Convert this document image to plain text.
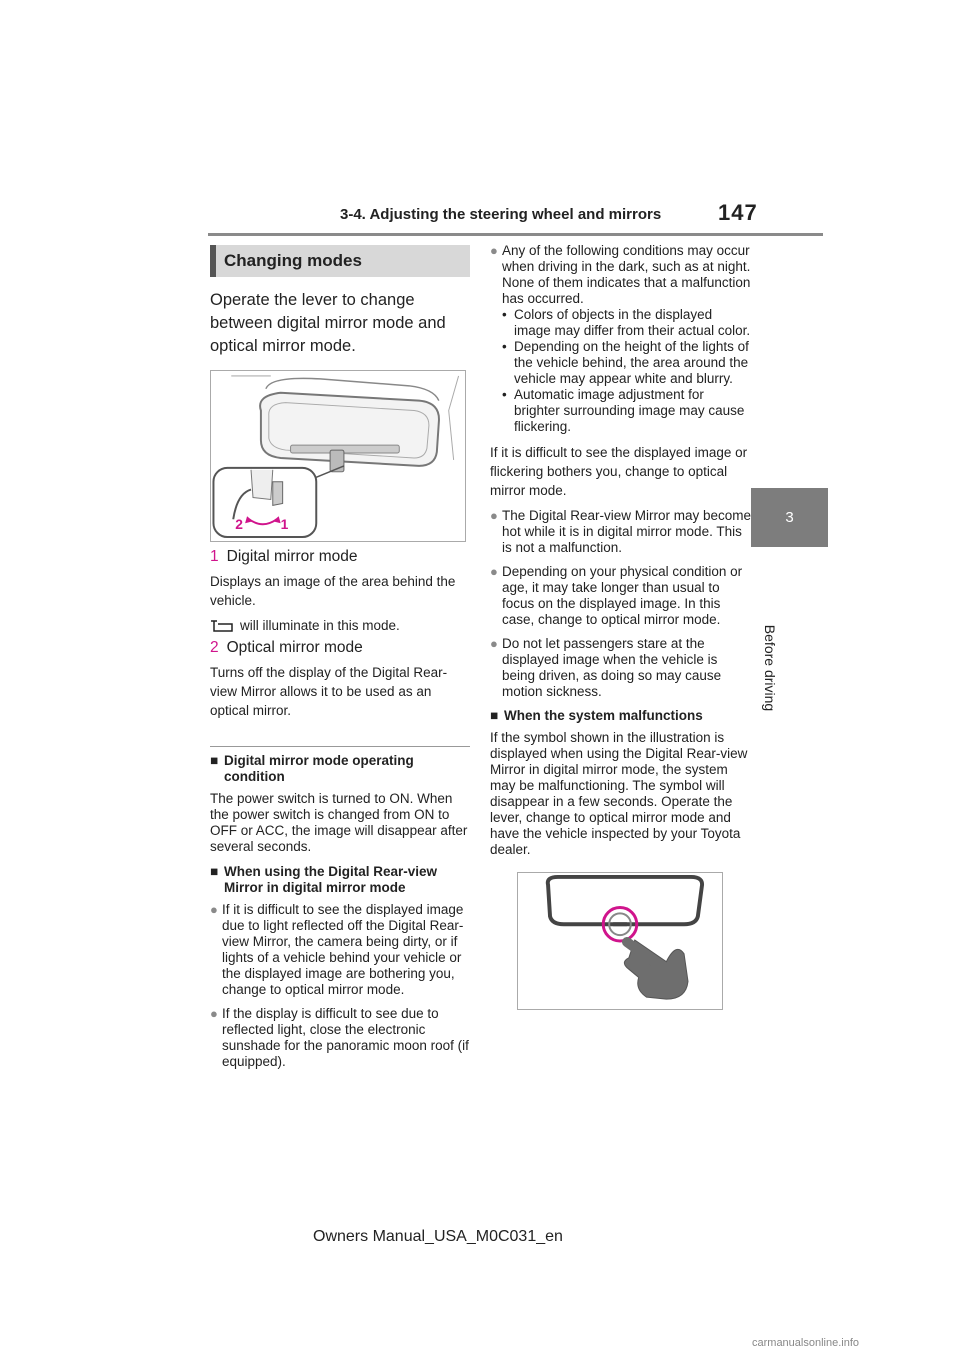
3-4. Adjusting the steering wheel and mirrors	147
3
Before driving
Changing modes

Operate the lever to change between digital mirror mode and optical mirror mode.

2	1
1 Digital mirror mode

Displays an image of the area behind the vehicle.

will illuminate in this mode.
2 Optical mirror mode

Turns off the display of the Digital Rear-view Mirror allows it to be used as an optical mirror.

■ Digital mirror mode operating condition

The power switch is turned to ON. When the power switch is changed from ON to OFF or ACC, the image will disappear after several seconds.

■ When using the Digital Rear-view Mirror in digital mirror mode
● If it is difficult to see the displayed image due to light reflected off the Digital Rear-view Mirror, the camera being dirty, or if lights of a vehicle behind your vehicle or the displayed image are bothering you, change to optical mirror mode.
● If the display is difficult to see due to reflected light, close the electronic sunshade for the panoramic moon roof (if equipped).
● Any of the following conditions may occur when driving in the dark, such as at night. None of them indicates that a malfunction has occurred.
• Colors of objects in the displayed image may differ from their actual color.
• Depending on the height of the lights of the vehicle behind, the area around the vehicle may appear white and blurry.
• Automatic image adjustment for brighter surrounding image may cause flickering.

If it is difficult to see the displayed image or flickering bothers you, change to optical mirror mode.

● The Digital Rear-view Mirror may become hot while it is in digital mirror mode. This is not a malfunction.
● Depending on your physical condition or age, it may take longer than usual to focus on the displayed image. In this case, change to optical mirror mode.
● Do not let passengers stare at the displayed image when the vehicle is being driven, as doing so may cause motion sickness.
■ When the system malfunctions

If the symbol shown in the illustration is displayed when using the Digital Rear-view Mirror in digital mirror mode, the system may be malfunctioning. The symbol will disappear in a few seconds. Operate the lever, change to optical mirror mode and have the vehicle inspected by your Toyota dealer.

Owners Manual_USA_M0C031_en
carmanualsonline.info
